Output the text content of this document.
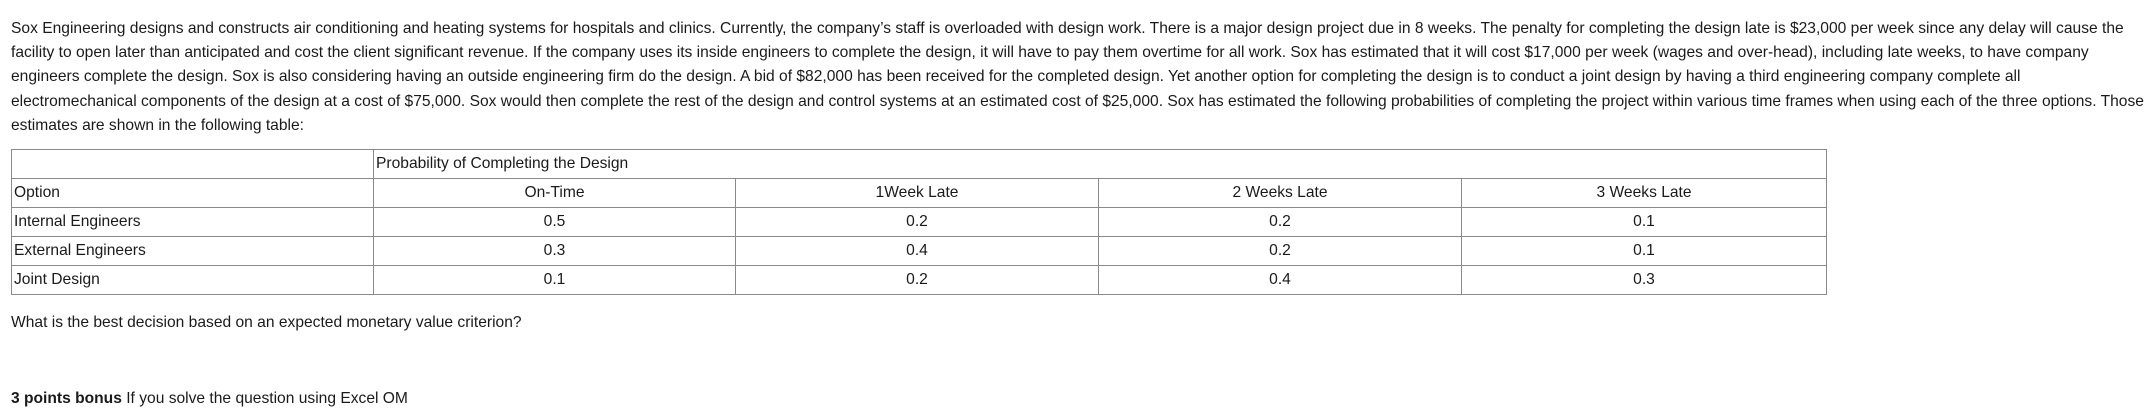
Sox Engineering designs and constructs air conditioning and heating systems for hospitals and clinics. Currently, the company’s staff is overloaded with design work. There is a major design project due in 8 weeks. The penalty for completing the design late is $23,000 per week since any delay will cause the facility to open later than anticipated and cost the client significant revenue. If the company uses its inside engineers to complete the design, it will have to pay them overtime for all work. Sox has estimated that it will cost $17,000 per week (wages and over-head), including late weeks, to have company engineers complete the design. Sox is also considering having an outside engineering firm do the design. A bid of $82,000 has been received for the completed design. Yet another option for completing the design is to conduct a joint design by having a third engineering company complete all electromechanical components of the design at a cost of $75,000. Sox would then complete the rest of the design and control systems at an estimated cost of $25,000. Sox has estimated the following probabilities of completing the project within various time frames when using each of the three options. Those estimates are shown in the following table:

	Probability of Completing the Design			
Option	On-Time	1Week Late	2 Weeks Late	3 Weeks Late
Internal Engineers	0.5	0.2	0.2	0.1
External Engineers	0.3	0.4	0.2	0.1
Joint Design	0.1	0.2	0.4	0.3

What is the best decision based on an expected monetary value criterion?

3 points bonus If you solve the question using Excel OM
